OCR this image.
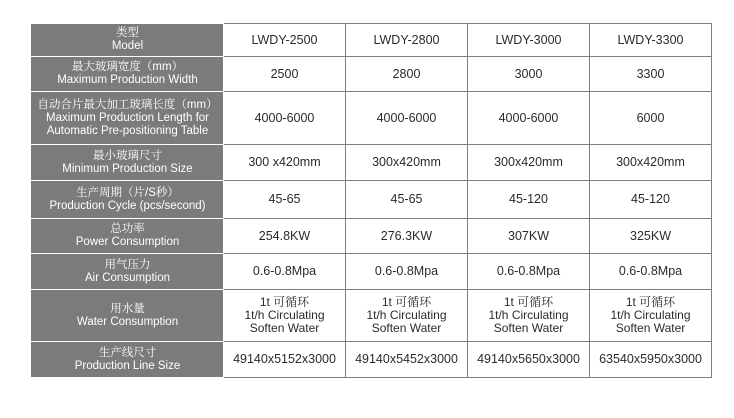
类型
Model	LWDY-2500	LWDY-2800	LWDY-3000	LWDY-3300

最大玻璃宽度（mm）
Maximum Production Width	2500	2800	3000	3300

自动合片最大加工玻璃长度（mm）
Maximum Production Length for
Automatic Pre-positioning Table	4000-6000	4000-6000	4000-6000	6000

最小玻璃尺寸
Minimum Production Size	300 x420mm	300x420mm	300x420mm	300x420mm

生产周期（片/S秒）
Production Cycle (pcs/second)	45-65	45-65	45-120	45-120

总功率
Power Consumption	254.8KW	276.3KW	307KW	325KW

用气压力
Air Consumption	0.6-0.8Mpa	0.6-0.8Mpa	0.6-0.8Mpa	0.6-0.8Mpa

用水量
Water Consumption	1t 可循环
1t/h Circulating
Soften Water	1t 可循环
1t/h Circulating
Soften Water	1t 可循环
1t/h Circulating
Soften Water	1t 可循环
1t/h Circulating
Soften Water

生产线尺寸
Production Line Size	49140x5152x3000	49140x5452x3000	49140x5650x3000	63540x5950x3000
